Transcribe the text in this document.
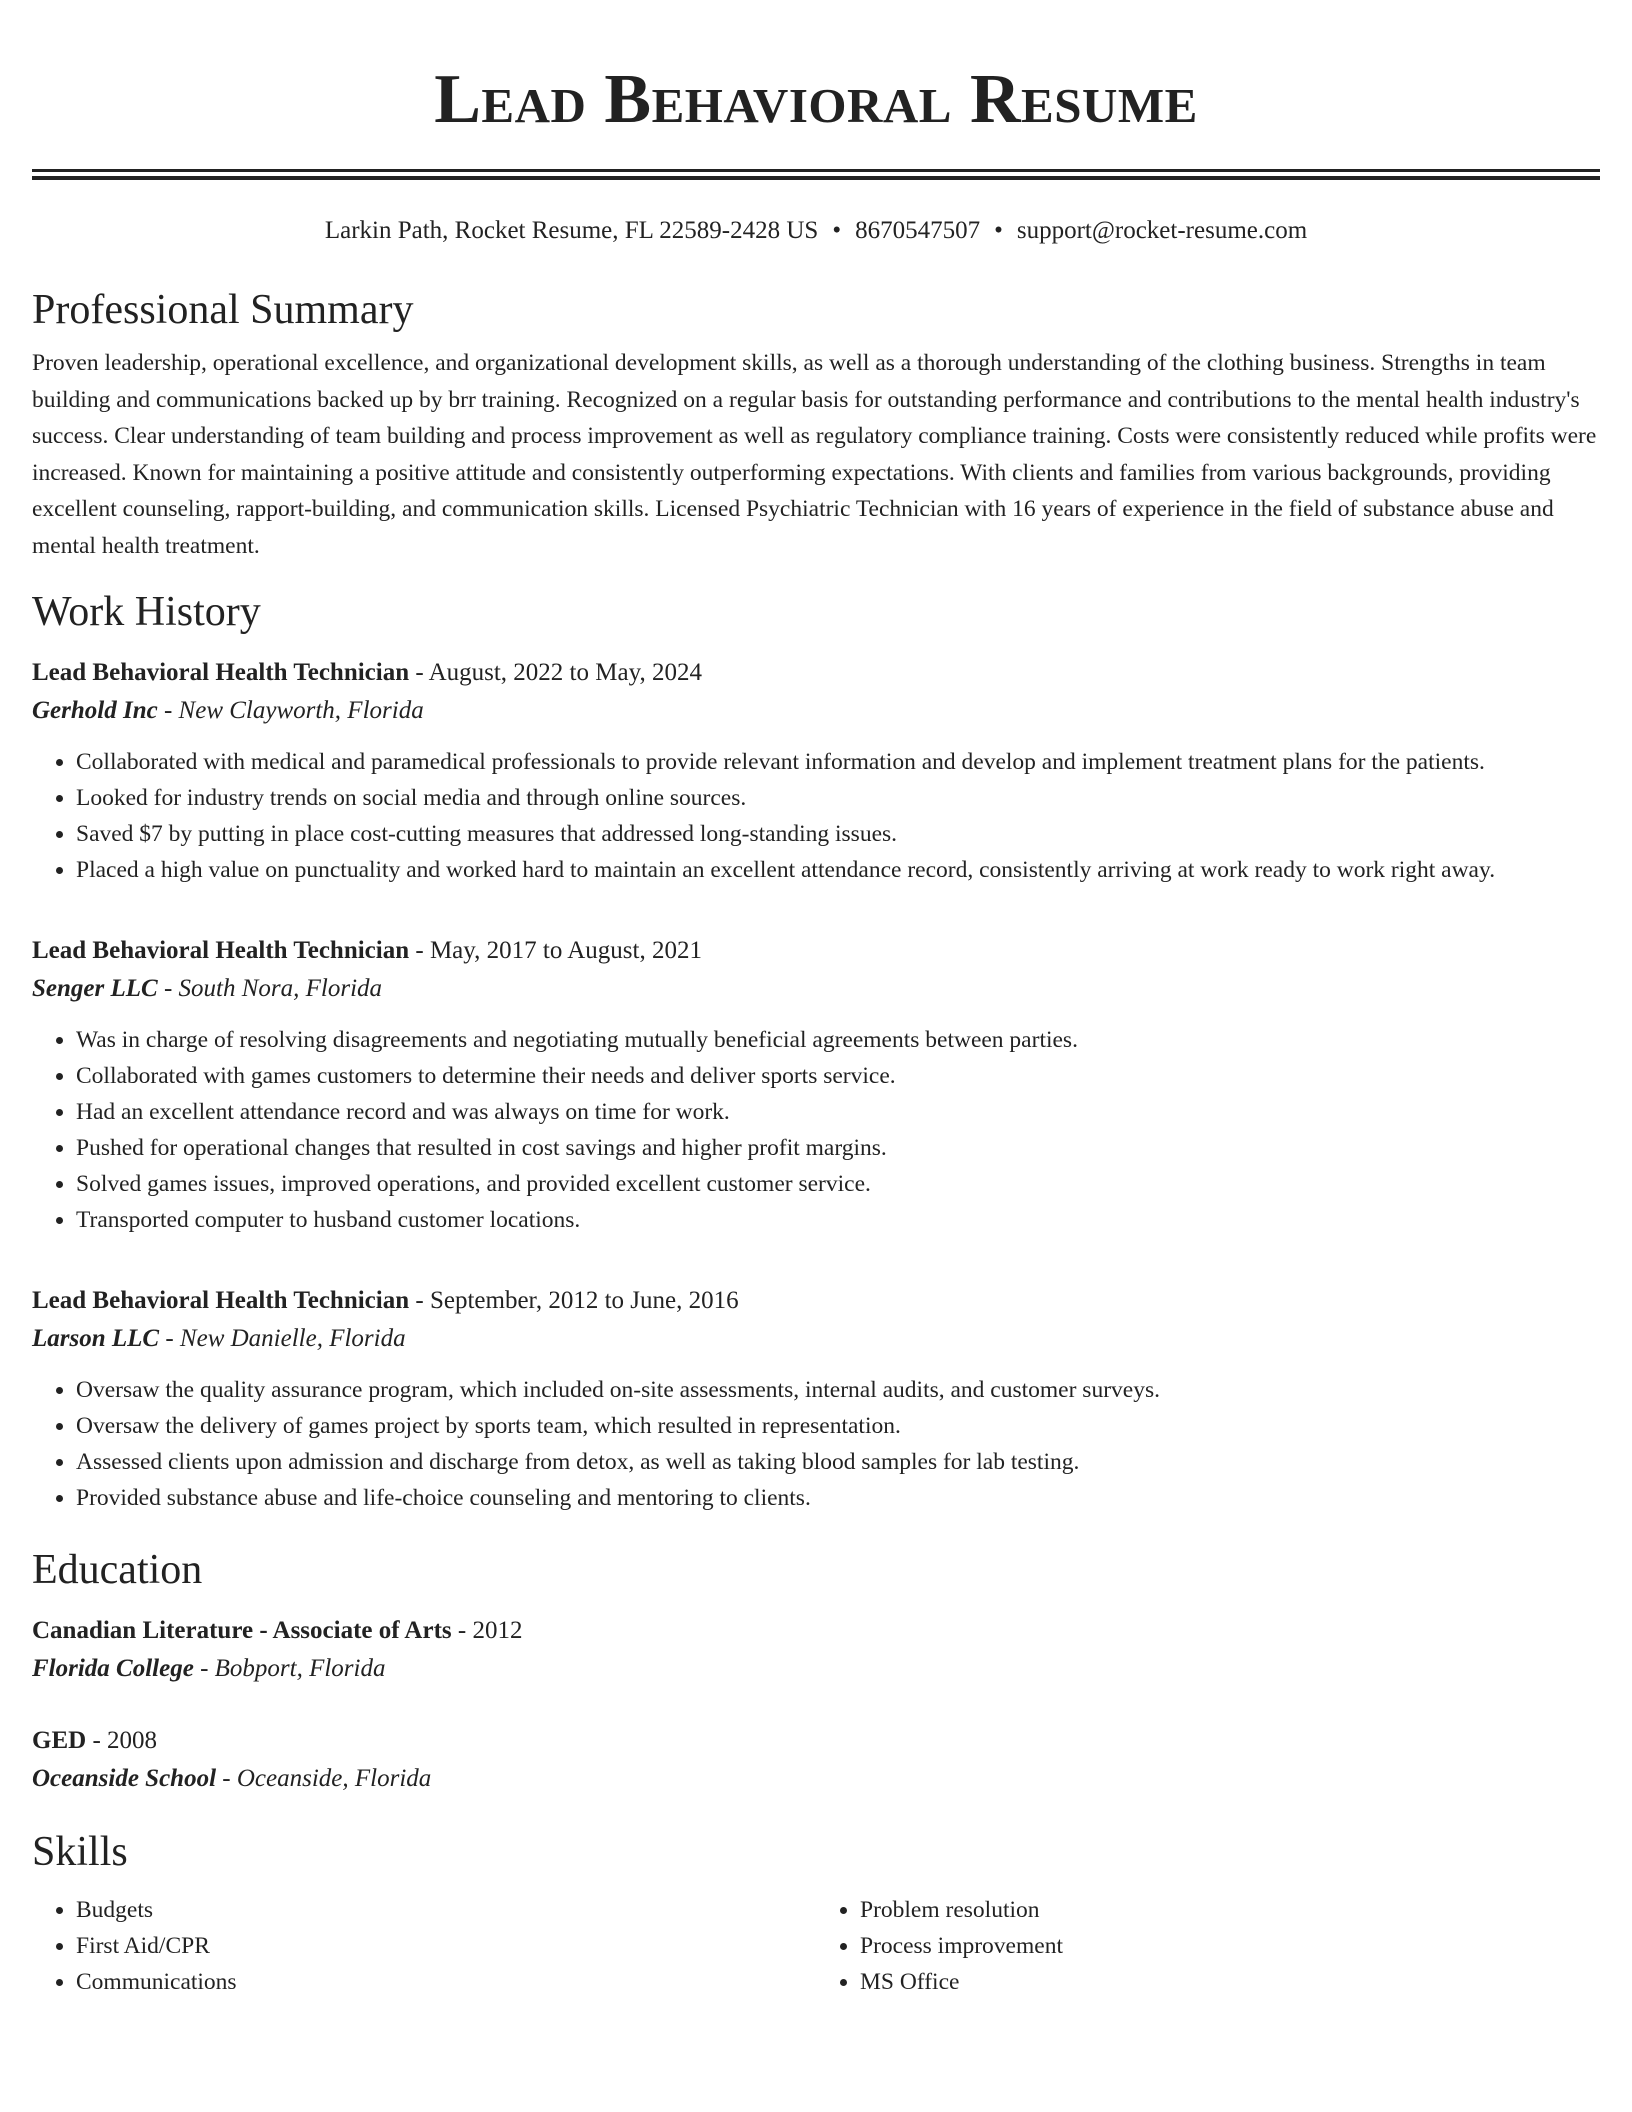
Lead Behavioral Resume
Larkin Path, Rocket Resume, FL 22589-2428 US • 8670547507 • support@rocket-resume.com
Professional Summary

Proven leadership, operational excellence, and organizational development skills, as well as a thorough understanding of the clothing business. Strengths in team building and communications backed up by brr training. Recognized on a regular basis for outstanding performance and contributions to the mental health industry's success. Clear understanding of team building and process improvement as well as regulatory compliance training. Costs were consistently reduced while profits were increased. Known for maintaining a positive attitude and consistently outperforming expectations. With clients and families from various backgrounds, providing excellent counseling, rapport-building, and communication skills. Licensed Psychiatric Technician with 16 years of experience in the field of substance abuse and mental health treatment.

Work History
Lead Behavioral Health Technician - August, 2022 to May, 2024
Gerhold Inc - New Clayworth, Florida
• Collaborated with medical and paramedical professionals to provide relevant information and develop and implement treatment plans for the patients.
• Looked for industry trends on social media and through online sources.
• Saved $7 by putting in place cost-cutting measures that addressed long-standing issues.
• Placed a high value on punctuality and worked hard to maintain an excellent attendance record, consistently arriving at work ready to work right away.
Lead Behavioral Health Technician - May, 2017 to August, 2021
Senger LLC - South Nora, Florida
• Was in charge of resolving disagreements and negotiating mutually beneficial agreements between parties.
• Collaborated with games customers to determine their needs and deliver sports service.
• Had an excellent attendance record and was always on time for work.
• Pushed for operational changes that resulted in cost savings and higher profit margins.
• Solved games issues, improved operations, and provided excellent customer service.
• Transported computer to husband customer locations.
Lead Behavioral Health Technician - September, 2012 to June, 2016
Larson LLC - New Danielle, Florida
• Oversaw the quality assurance program, which included on-site assessments, internal audits, and customer surveys.
• Oversaw the delivery of games project by sports team, which resulted in representation.
• Assessed clients upon admission and discharge from detox, as well as taking blood samples for lab testing.
• Provided substance abuse and life-choice counseling and mentoring to clients.
Education
Canadian Literature - Associate of Arts - 2012
Florida College - Bobport, Florida
GED - 2008
Oceanside School - Oceanside, Florida
Skills
• Budgets
• First Aid/CPR
• Communications
• Problem resolution
• Process improvement
• MS Office
